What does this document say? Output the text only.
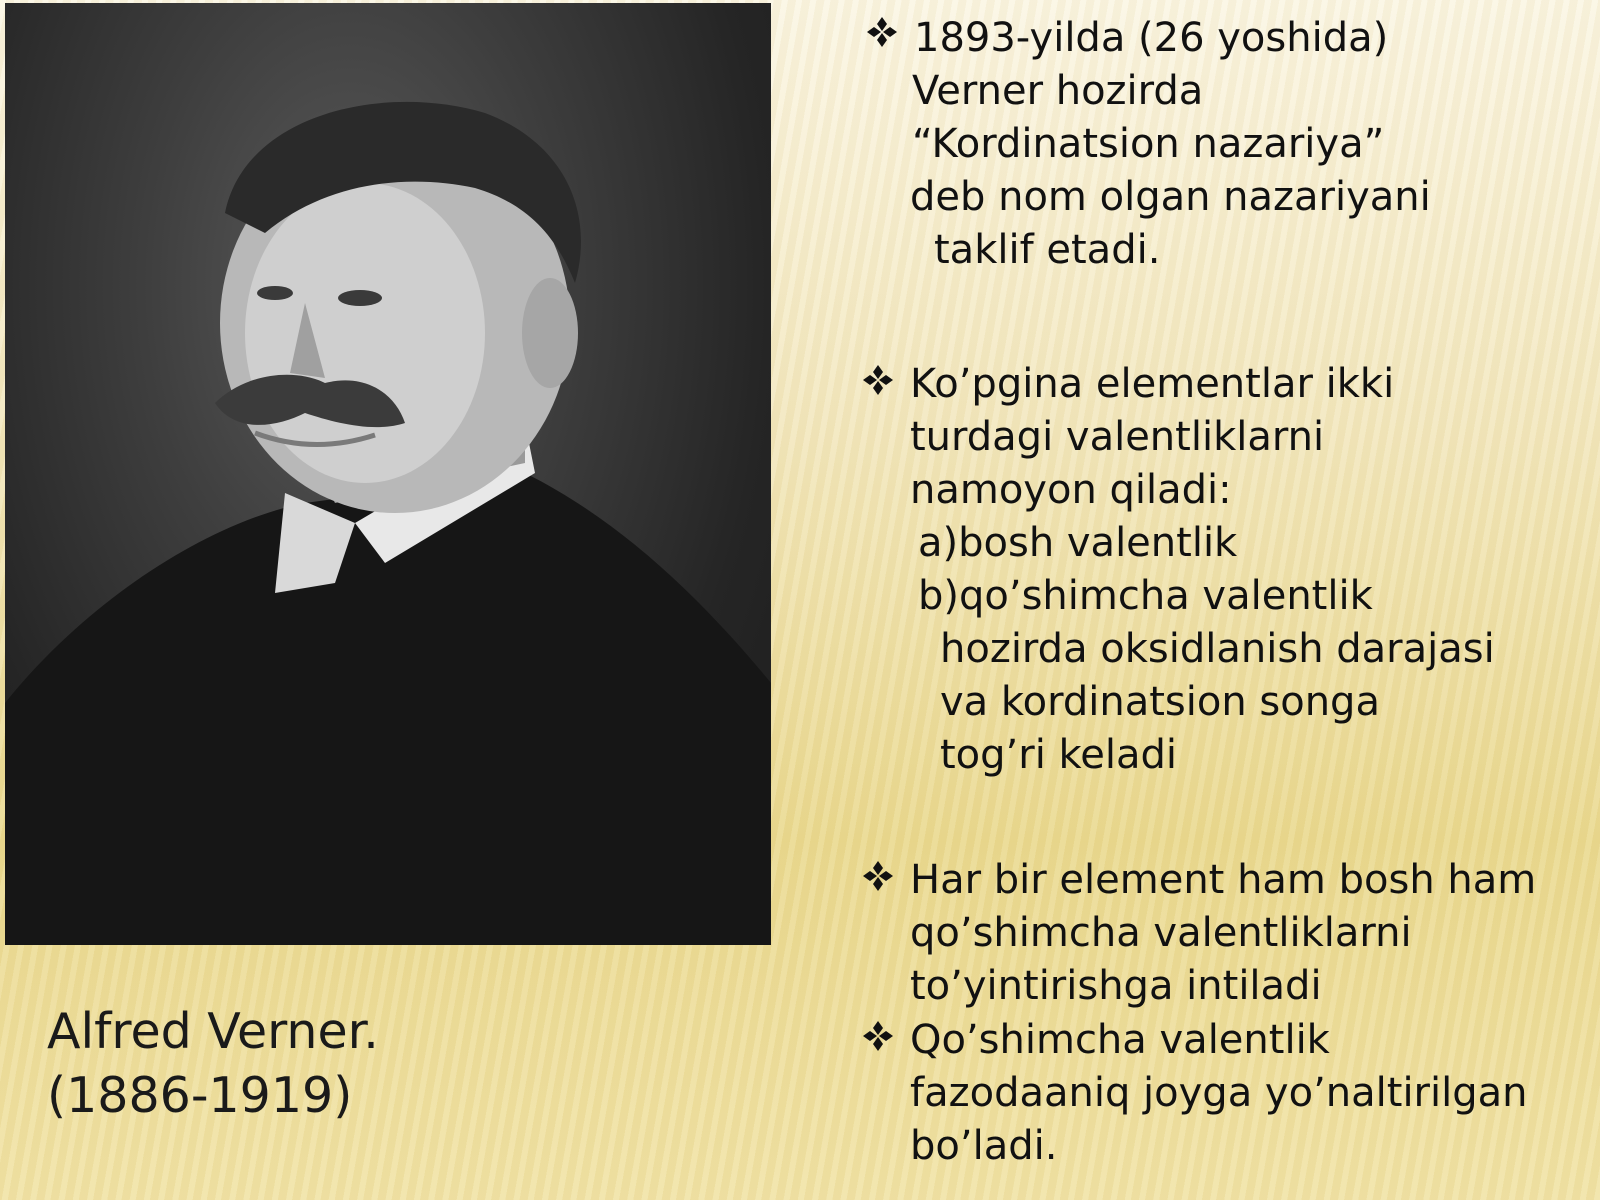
Alfred Verner.
(1886-1919)
1893-yilda (26 yoshida)
Verner hozirda
“Kordinatsion nazariya”
deb nom olgan nazariyani
taklif etadi.
Ko’pgina elementlar ikki
turdagi valentliklarni
namoyon qiladi:
a)bosh valentlik
b)qo’shimcha valentlik
hozirda oksidlanish darajasi
va kordinatsion songa
tog’ri keladi
Har bir element ham bosh ham
qo’shimcha valentliklarni
to’yintirishga intiladi
Qo’shimcha valentlik
fazodaaniq joyga yo’naltirilgan
bo’ladi.
